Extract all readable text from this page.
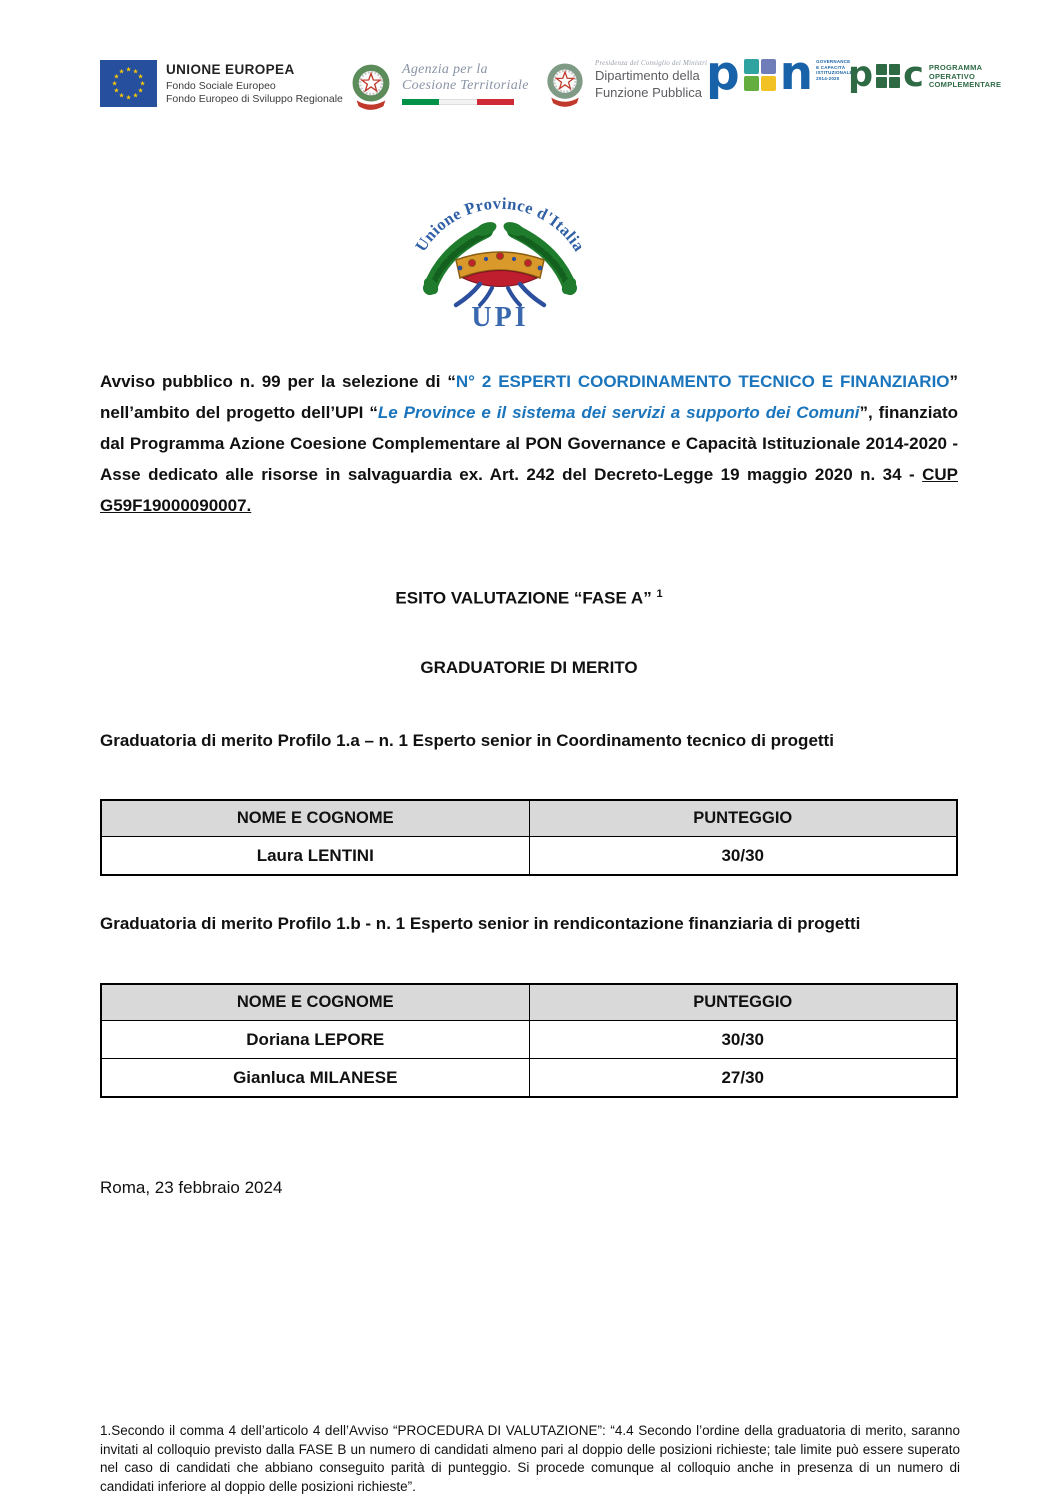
★ ★
★
★
★
★
★
★
★
★
★
★	UNIONE EUROPEA
Fondo Sociale Europeo
Fondo Europeo di Sviluppo Regionale
Agenzia per la
Coesione Territoriale
Presidenza del Consiglio dei Ministri
Dipartimento della
Funzione Pubblica p n GOVERNANCE
E CAPACITÀ
ISTITUZIONALE
2014-2020 p c PROGRAMMA
OPERATIVO
COMPLEMENTARE
Unione Province d'Italia
UPI

Avviso pubblico n. 99 per la selezione di “N° 2 ESPERTI COORDINAMENTO TECNICO E FINANZIARIO” nell’ambito del progetto dell’UPI “Le Province e il sistema dei servizi a supporto dei Comuni”, finanziato dal Programma Azione Coesione Complementare al PON Governance e Capacità Istituzionale 2014-2020 - Asse dedicato alle risorse in salvaguardia ex. Art. 242 del Decreto-Legge 19 maggio 2020 n. 34 - CUP G59F19000090007.

ESITO VALUTAZIONE “FASE A” $^1$
GRADUATORIE DI MERITO
Graduatoria di merito Profilo 1.a – n. 1 Esperto senior in Coordinamento tecnico di progetti
NOME E COGNOME	PUNTEGGIO
Laura LENTINI	30/30
Graduatoria di merito Profilo 1.b - n. 1 Esperto senior in rendicontazione finanziaria di progetti
NOME E COGNOME	PUNTEGGIO
Doriana LEPORE	30/30
Gianluca MILANESE	27/30
Roma, 23 febbraio 2024
1.Secondo il comma 4 dell’articolo 4 dell’Avviso “PROCEDURA DI VALUTAZIONE”: “4.4 Secondo l’ordine della graduatoria di merito, saranno invitati al colloquio previsto dalla FASE B un numero di candidati almeno pari al doppio delle posizioni richieste; tale limite può essere superato nel caso di candidati che abbiano conseguito parità di punteggio. Si procede comunque al colloquio anche in presenza di un numero di candidati inferiore al doppio delle posizioni richieste”.
